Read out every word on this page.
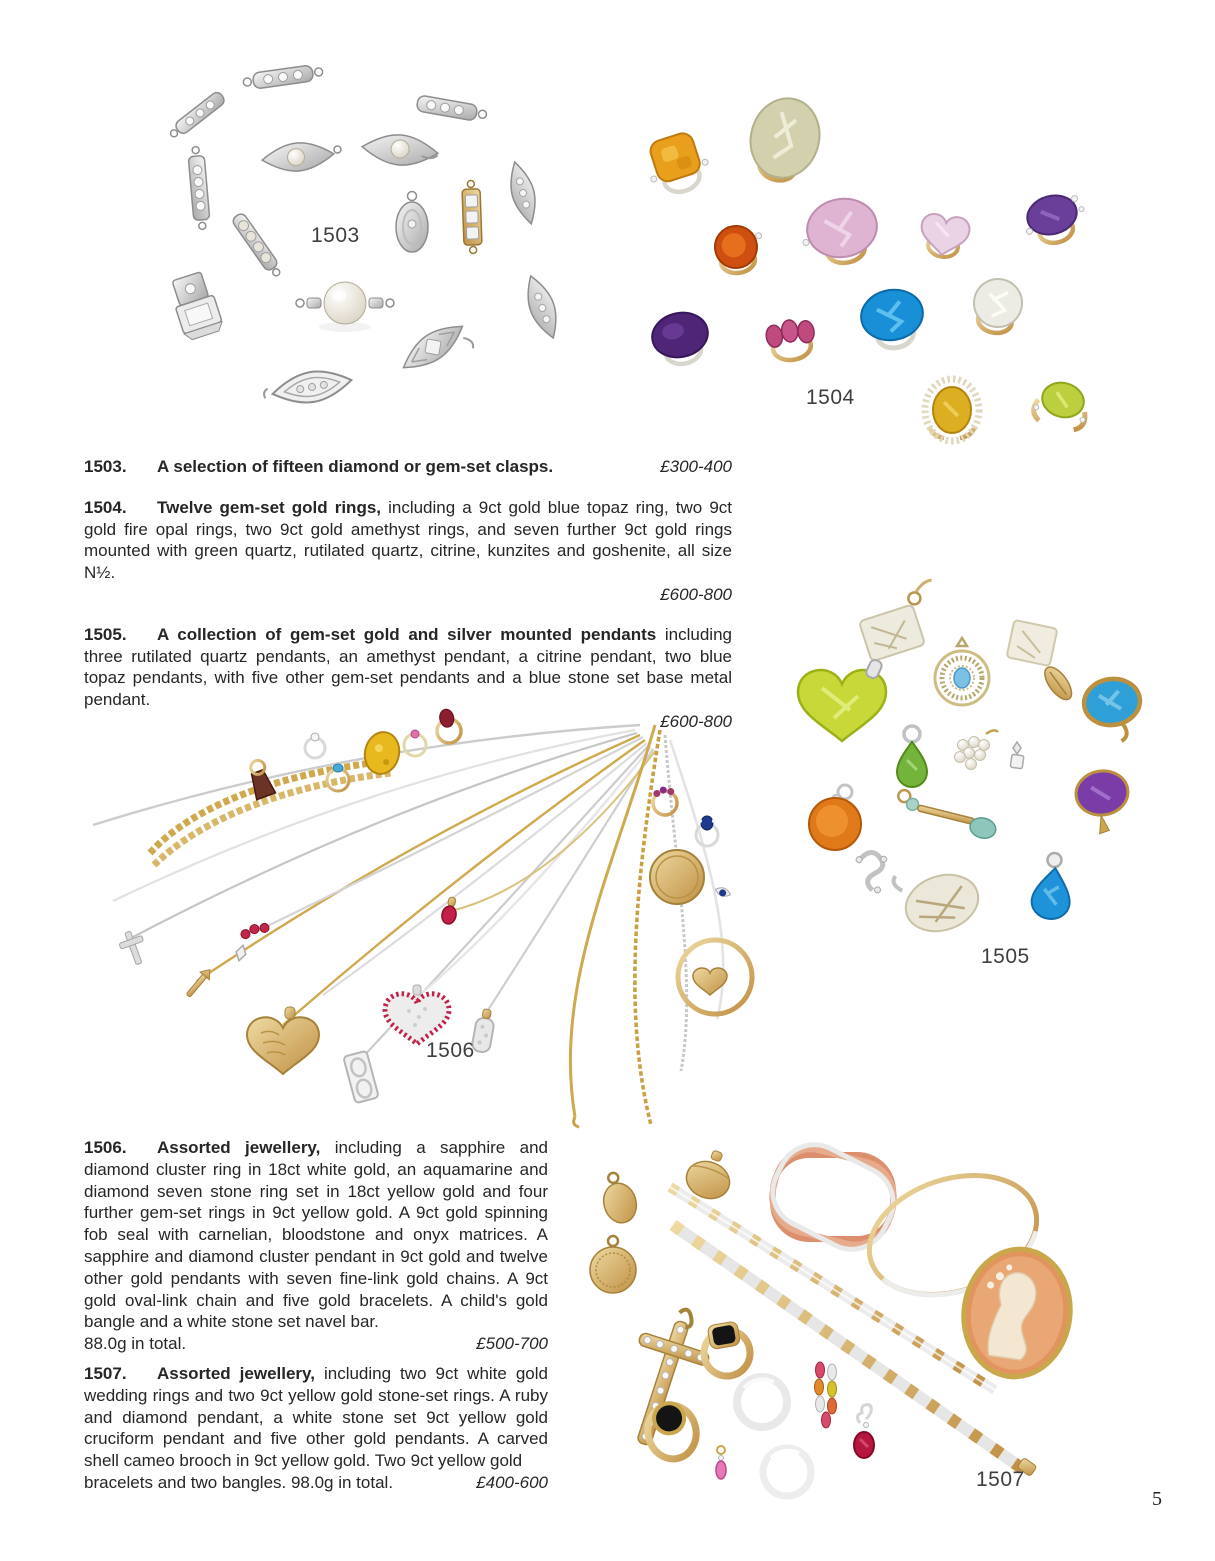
1503
1504
1505
1506
1507
1503.	A selection of fifteen diamond or gem-set clasps.	£300-400

1504. Twelve gem-set gold rings, including a 9ct gold blue topaz ring, two 9ct gold fire opal rings, two 9ct gold amethyst rings, and seven further 9ct gold rings mounted with green quartz, rutilated quartz, citrine, kunzites and goshenite, all size N½.

£600-800

1505. A collection of gem-set gold and silver mounted pendants including three rutilated quartz pendants, an amethyst pendant, a citrine pendant, two blue topaz pendants, with five other gem-set pendants and a blue stone set base metal pendant.

£600-800

1506. Assorted jewellery, including a sapphire and diamond cluster ring in 18ct white gold, an aquamarine and diamond seven stone ring set in 18ct yellow gold and four further gem-set rings in 9ct yellow gold. A 9ct gold spinning fob seal with carnelian, bloodstone and onyx matrices. A sapphire and diamond cluster pendant in 9ct gold and twelve other gold pendants with seven fine-link gold chains. A 9ct gold oval-link chain and five gold bracelets. A child's gold bangle and a white stone set navel bar.

88.0g in total.	£500-700

1507. Assorted jewellery, including two 9ct white gold wedding rings and two 9ct yellow gold stone-set rings. A ruby and diamond pendant, a white stone set 9ct yellow gold cruciform pendant and five other gold pendants. A carved shell cameo brooch in 9ct yellow gold. Two 9ct yellow gold

bracelets and two bangles. 98.0g in total.	£400-600
5
